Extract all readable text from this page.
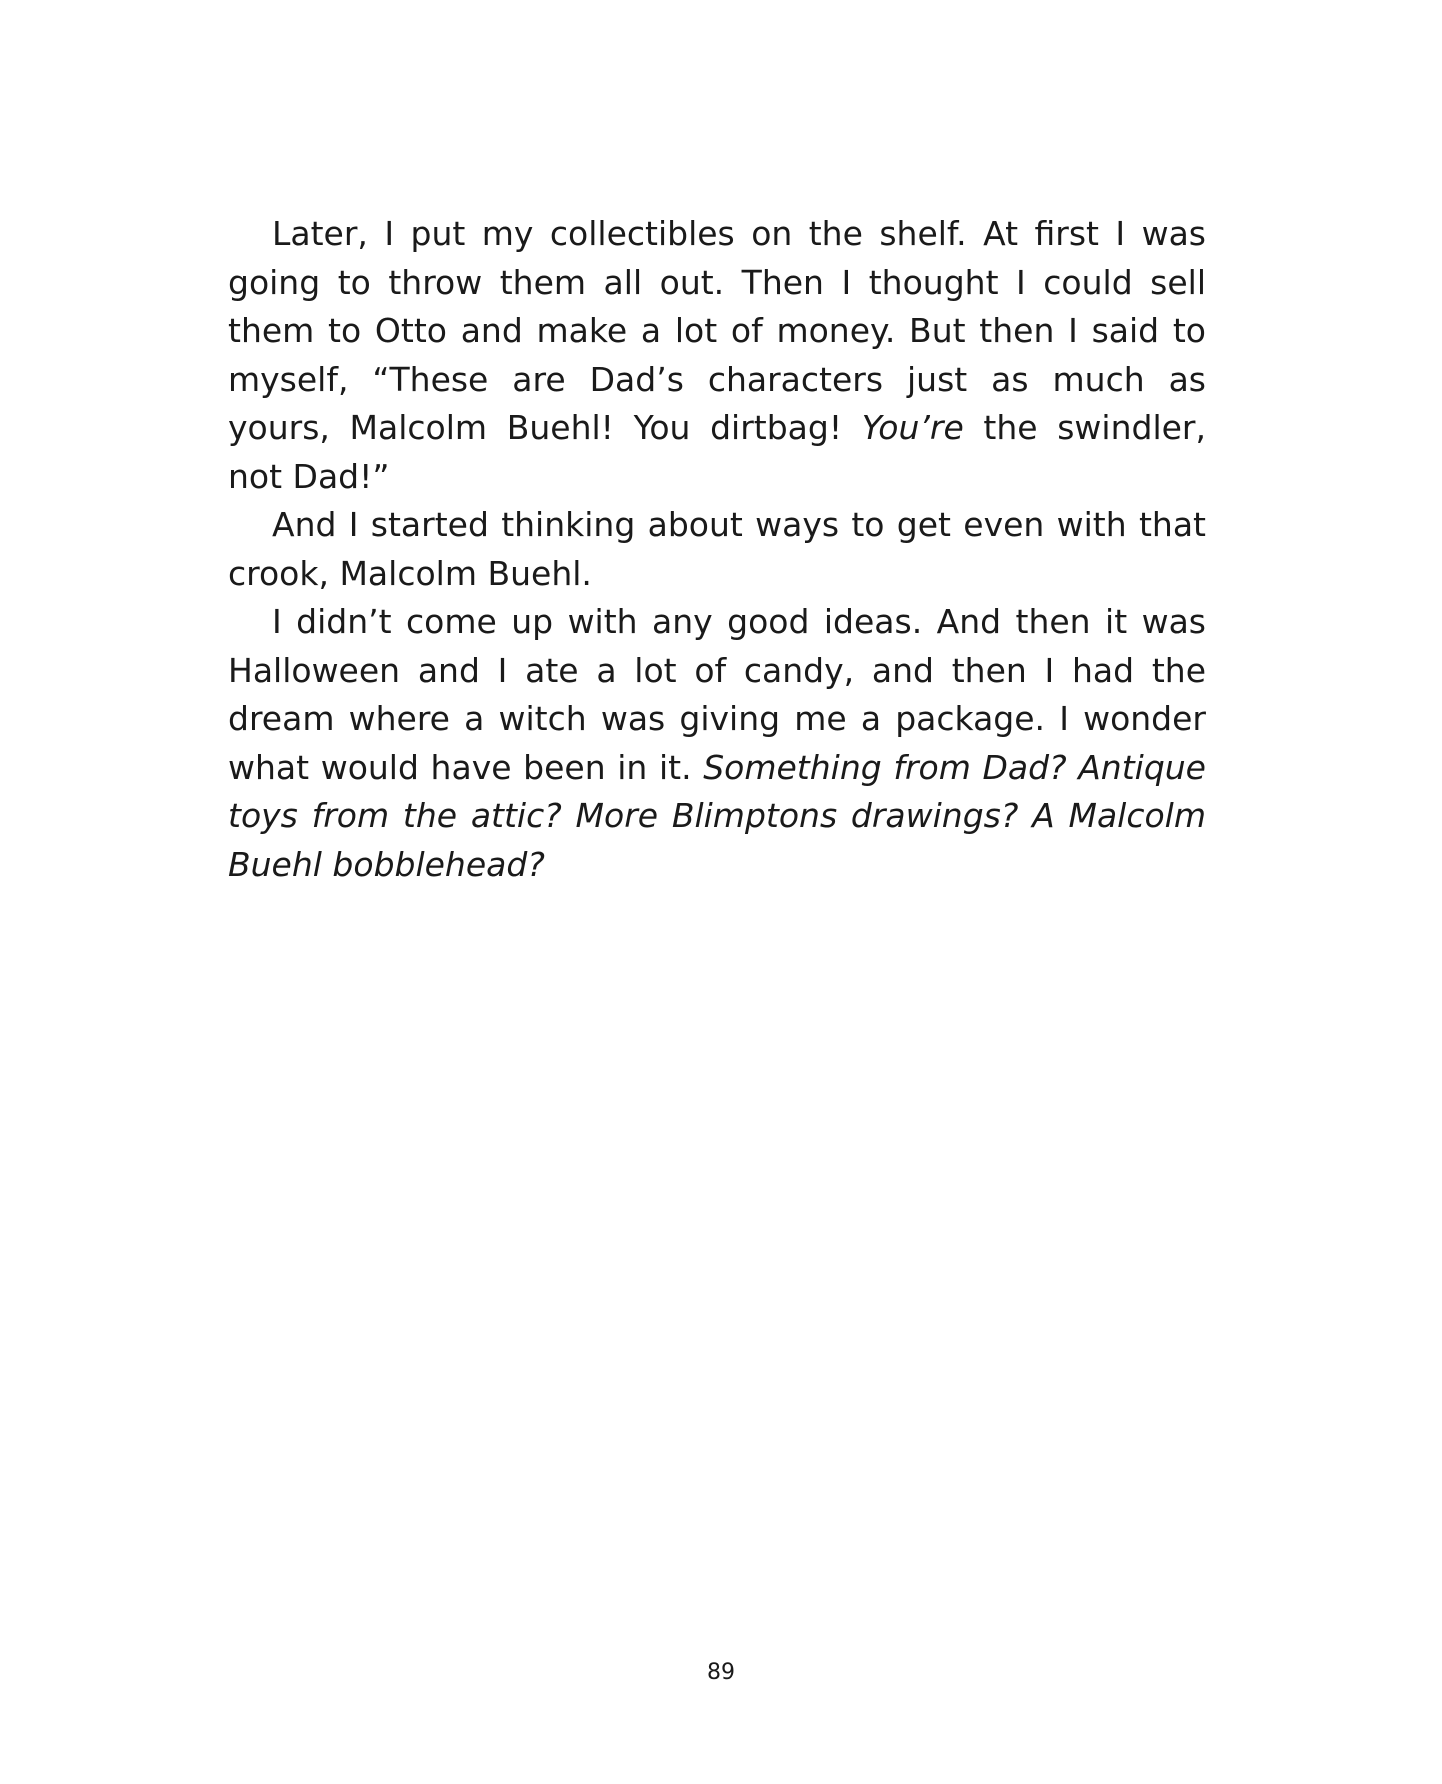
Later, I put my collectibles on the shelf. At first I was going to throw them all out. Then I thought I could sell them to Otto and make a lot of money. But then I said to myself, “These are Dad’s characters just as much as yours, Malcolm Buehl! You dirtbag! You’re the swindler, not Dad!”

And I started thinking about ways to get even with that crook, Malcolm Buehl.

I didn’t come up with any good ideas. And then it was Halloween and I ate a lot of candy, and then I had the dream where a witch was giving me a package. I wonder what would have been in it. Something from Dad? Antique toys from the attic? More Blimptons drawings? A Malcolm Buehl bobblehead?

89
